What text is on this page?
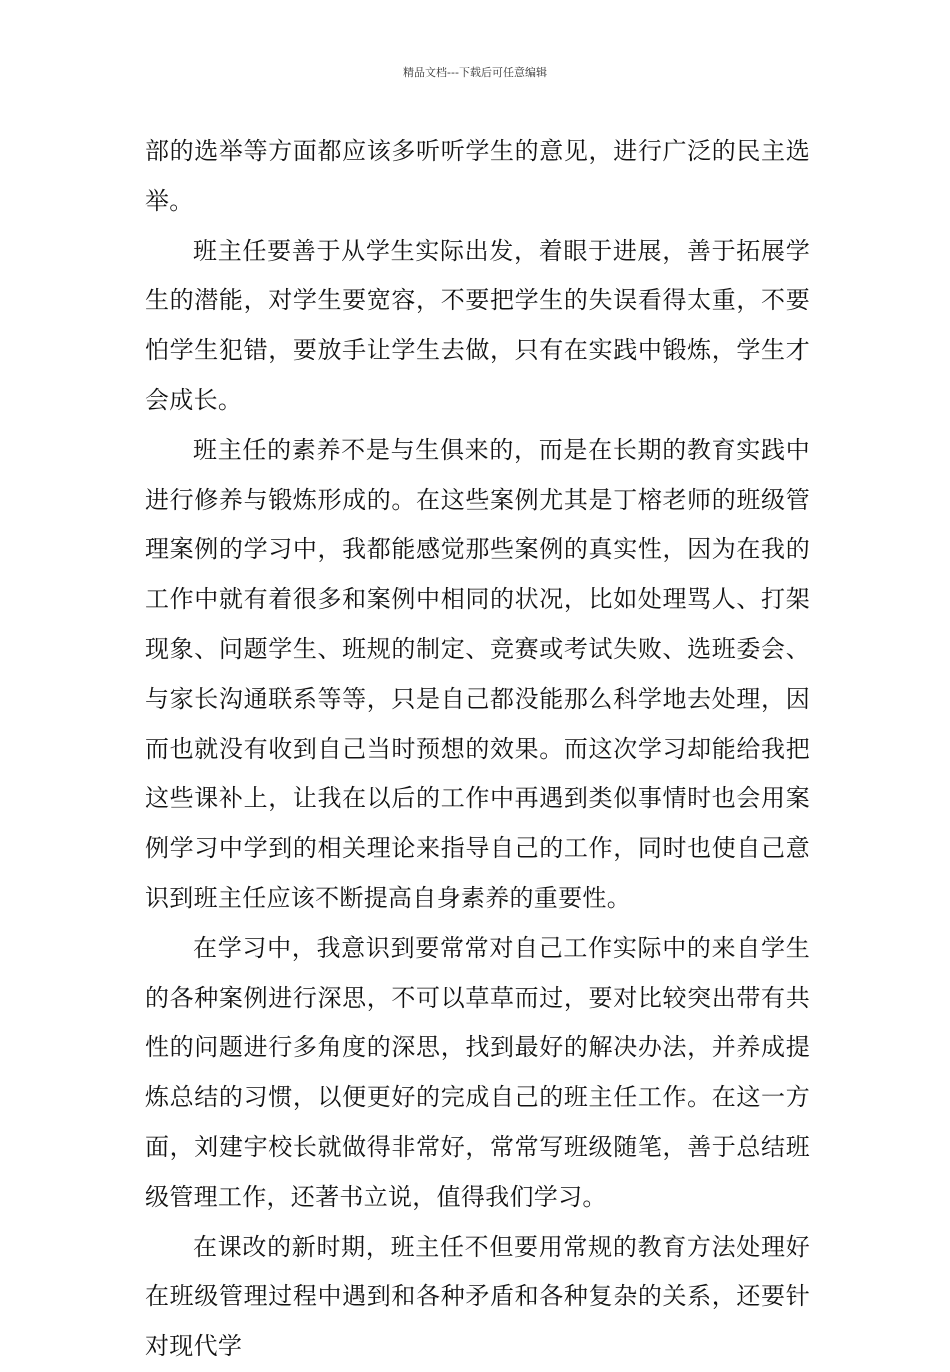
精品文档---下载后可任意编辑

部的选举等方面都应该多听听学生的意见，进行广泛的民主选举。

班主任要善于从学生实际出发，着眼于进展，善于拓展学生的潜能，对学生要宽容，不要把学生的失误看得太重，不要怕学生犯错，要放手让学生去做，只有在实践中锻炼，学生才会成长。

班主任的素养不是与生俱来的，而是在长期的教育实践中进行修养与锻炼形成的。在这些案例尤其是丁榕老师的班级管理案例的学习中，我都能感觉那些案例的真实性，因为在我的工作中就有着很多和案例中相同的状况，比如处理骂人、打架现象、问题学生、班规的制定、竞赛或考试失败、选班委会、与家长沟通联系等等，只是自己都没能那么科学地去处理，因而也就没有收到自己当时预想的效果。而这次学习却能给我把这些课补上，让我在以后的工作中再遇到类似事情时也会用案例学习中学到的相关理论来指导自己的工作，同时也使自己意识到班主任应该不断提高自身素养的重要性。

在学习中，我意识到要常常对自己工作实际中的来自学生的各种案例进行深思，不可以草草而过，要对比较突出带有共性的问题进行多角度的深思，找到最好的解决办法，并养成提炼总结的习惯，以便更好的完成自己的班主任工作。在这一方面，刘建宇校长就做得非常好，常常写班级随笔，善于总结班级管理工作，还著书立说，值得我们学习。

在课改的新时期，班主任不但要用常规的教育方法处理好在班级管理过程中遇到和各种矛盾和各种复杂的关系，还要针对现代学
